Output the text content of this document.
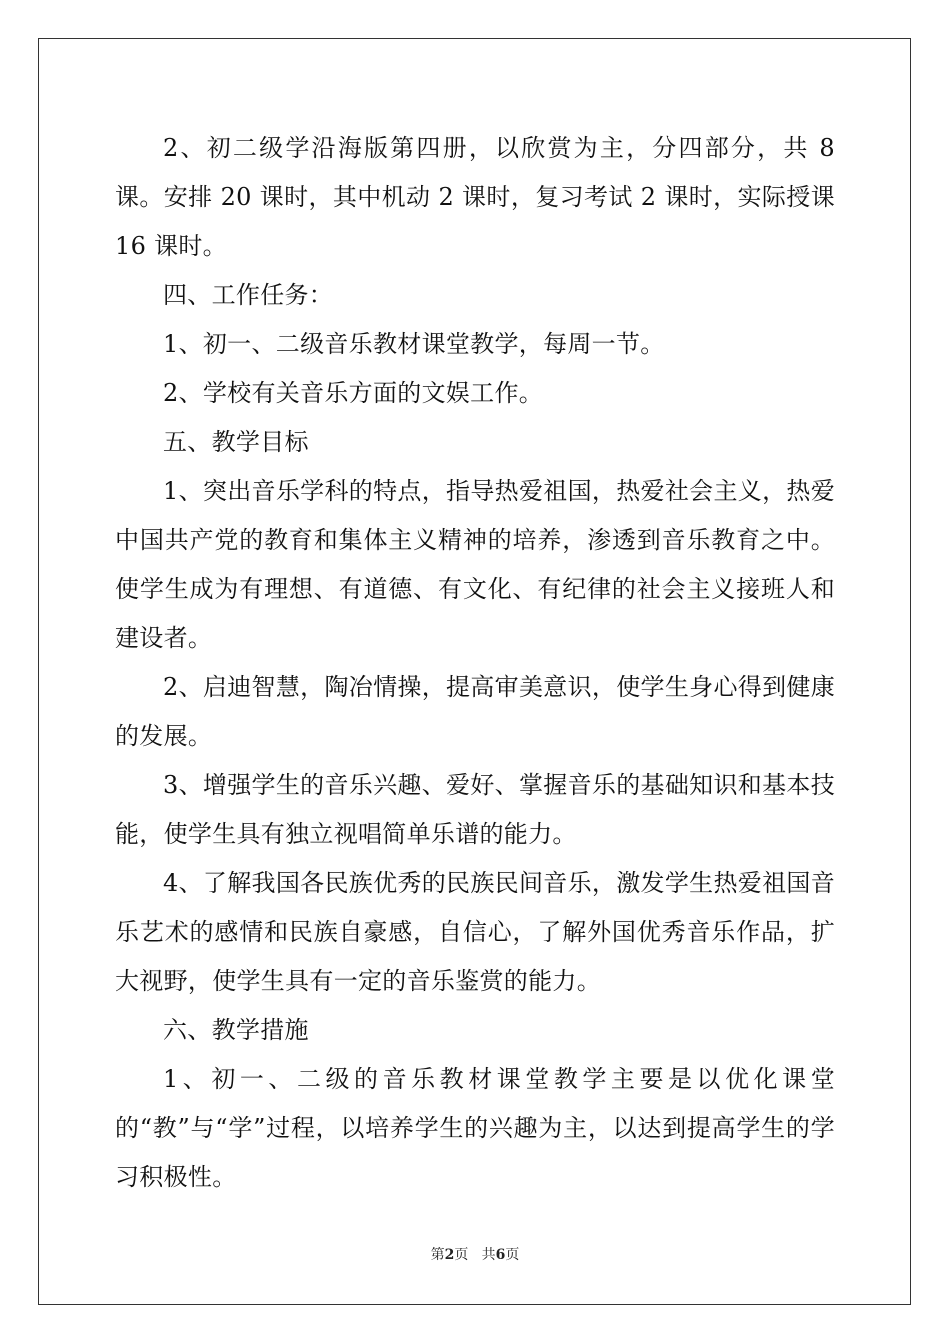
2、初二级学沿海版第四册，以欣赏为主，分四部分，共 8 课。安排 20 课时，其中机动 2 课时，复习考试 2 课时，实际授课 16 课时。

四、工作任务：

1、初一、二级音乐教材课堂教学，每周一节。

2、学校有关音乐方面的文娱工作。

五、教学目标

1、突出音乐学科的特点，指导热爱祖国，热爱社会主义，热爱中国共产党的教育和集体主义精神的培养，渗透到音乐教育之中。使学生成为有理想、有道德、有文化、有纪律的社会主义接班人和建设者。

2、启迪智慧，陶冶情操，提高审美意识，使学生身心得到健康的发展。

3、增强学生的音乐兴趣、爱好、掌握音乐的基础知识和基本技能，使学生具有独立视唱简单乐谱的能力。

4、了解我国各民族优秀的民族民间音乐，激发学生热爱祖国音乐艺术的感情和民族自豪感，自信心，了解外国优秀音乐作品，扩大视野，使学生具有一定的音乐鉴赏的能力。

六、教学措施

1、初一、二级的音乐教材课堂教学主要是以优化课堂的“教”与“学”过程，以培养学生的兴趣为主，以达到提高学生的学习积极性。

第2页 共6页
